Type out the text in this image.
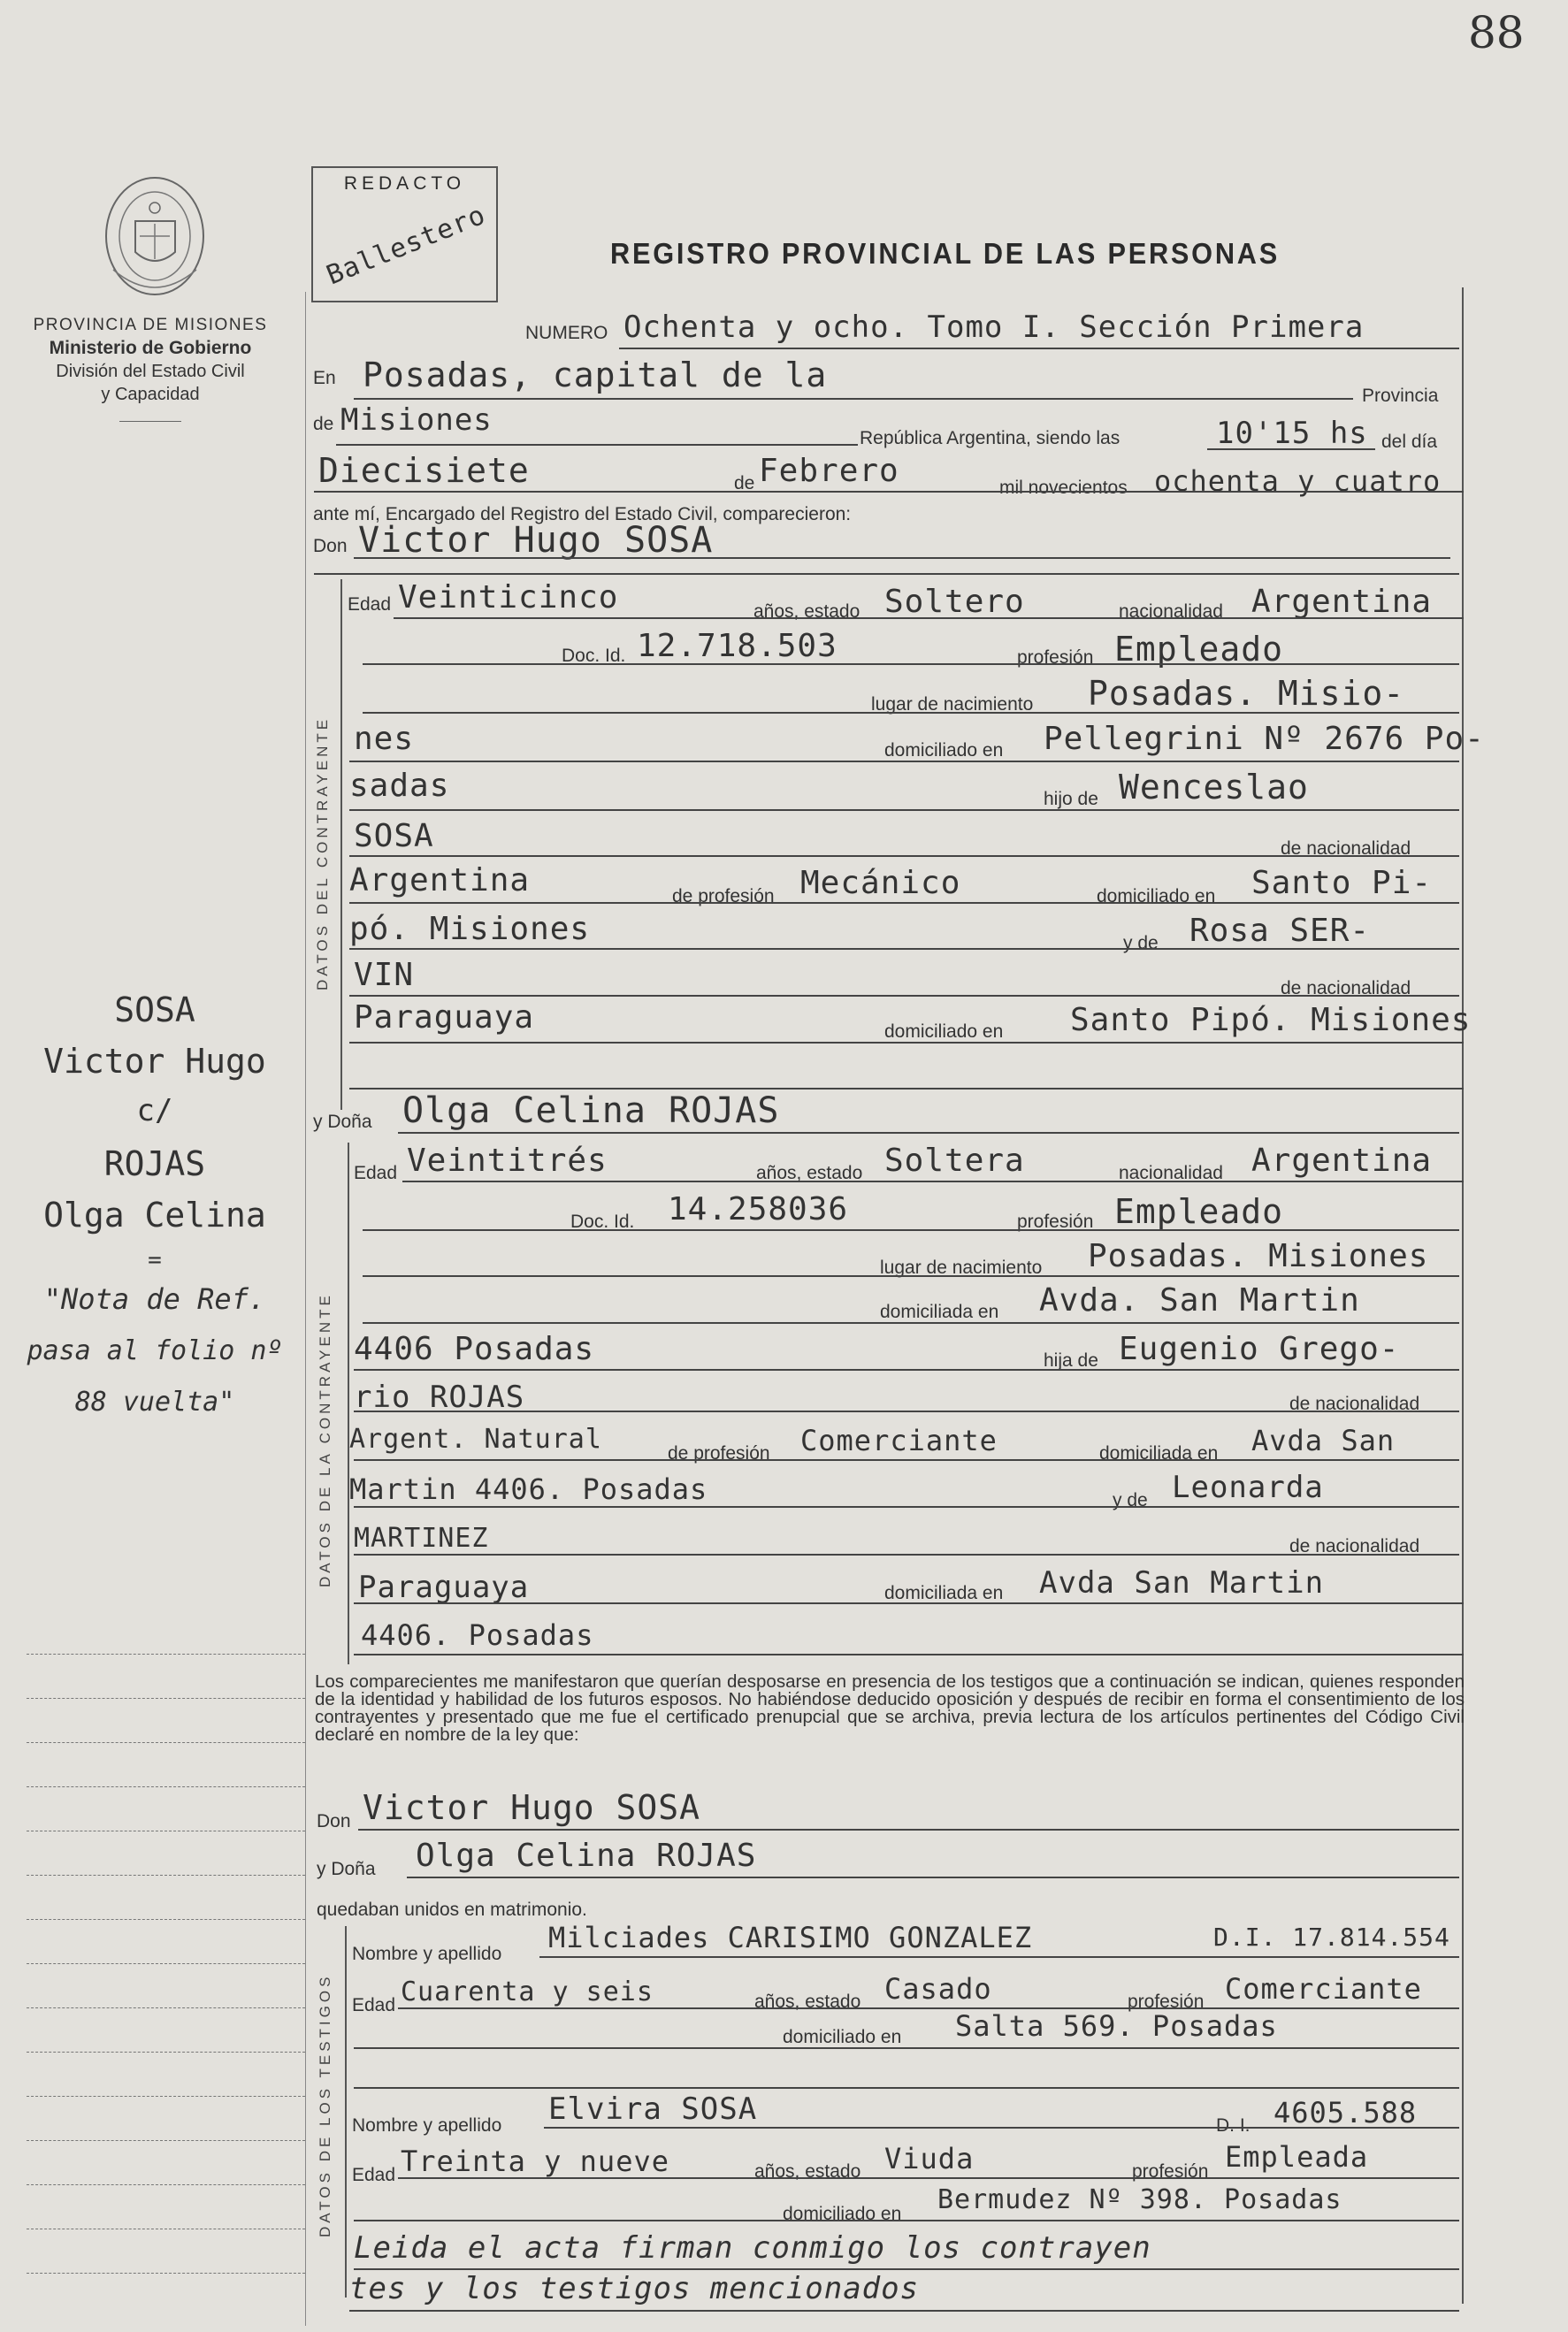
88
PROVINCIA DE MISIONES
Ministerio de Gobierno
División del Estado Civil
y Capacidad
SOSA
Victor Hugo
c/
ROJAS
Olga Celina
=
"Nota de Ref.
pasa al folio nº
88 vuelta"
REDACTO
Ballestero	REGISTRO PROVINCIAL DE LAS PERSONAS
NUMERO Ochenta y ocho. Tomo I. Sección Primera
En Posadas, capital de la
Provincia
de Misiones
República Argentina, siendo las	10'15 hs del día
Diecisiete	de Febrero	mil novecientos ochenta y cuatro
ante mí, Encargado del Registro del Estado Civil, comparecieron:
Don Victor Hugo SOSA
DATOS DEL CONTRAYENTE
Edad Veinticinco	años, estado Soltero	nacionalidad Argentina
Doc. Id. 12.718.503	profesión Empleado
lugar de nacimiento Posadas. Misio-
nes	domiciliado en Pellegrini Nº 2676 Po-
sadas	hijo de Wenceslao
SOSA	de nacionalidad
Argentina	de profesión Mecánico	domiciliado en Santo Pi-
pó. Misiones	y de Rosa SER-
VIN	de nacionalidad
Paraguaya	domiciliado en Santo Pipó. Misiones
y Doña Olga Celina ROJAS
DATOS DE LA CONTRAYENTE
Edad Veintitrés	años, estado Soltera	nacionalidad Argentina
Doc. Id. 14.258036	profesión Empleado
lugar de nacimiento Posadas. Misiones
domiciliada en Avda. San Martin
4406 Posadas	hija de Eugenio Grego-
rio ROJAS	de nacionalidad
Argent. Natural	de profesión Comerciante	domiciliada en Avda San
Martin 4406. Posadas	y de Leonarda
MARTINEZ	de nacionalidad
Paraguaya	domiciliada en Avda San Martin
4406. Posadas
Los comparecientes me manifestaron que querían desposarse en presencia de los testigos que a continuación se indican, quienes responden de la identidad y habilidad de los futuros esposos. No habiéndose deducido oposición y después de recibir en forma el consentimiento de los contrayentes y presentado que me fue el certificado prenupcial que se archiva, previa lectura de los artículos pertinentes del Código Civil declaré en nombre de la ley que:
Don Victor Hugo SOSA
y Doña Olga Celina ROJAS
quedaban unidos en matrimonio.
DATOS DE LOS TESTIGOS
Nombre y apellido Milciades CARISIMO GONZALEZ	D.I. 17.814.554
Edad Cuarenta y seis	años, estado Casado	profesión Comerciante
domiciliado en Salta 569. Posadas
Nombre y apellido Elvira SOSA	D. I. 4605.588
Edad Treinta y nueve	años, estado Viuda	profesión Empleada
domiciliado en Bermudez Nº 398. Posadas
Leida el acta firman conmigo los contrayen
tes y los testigos mencionados
